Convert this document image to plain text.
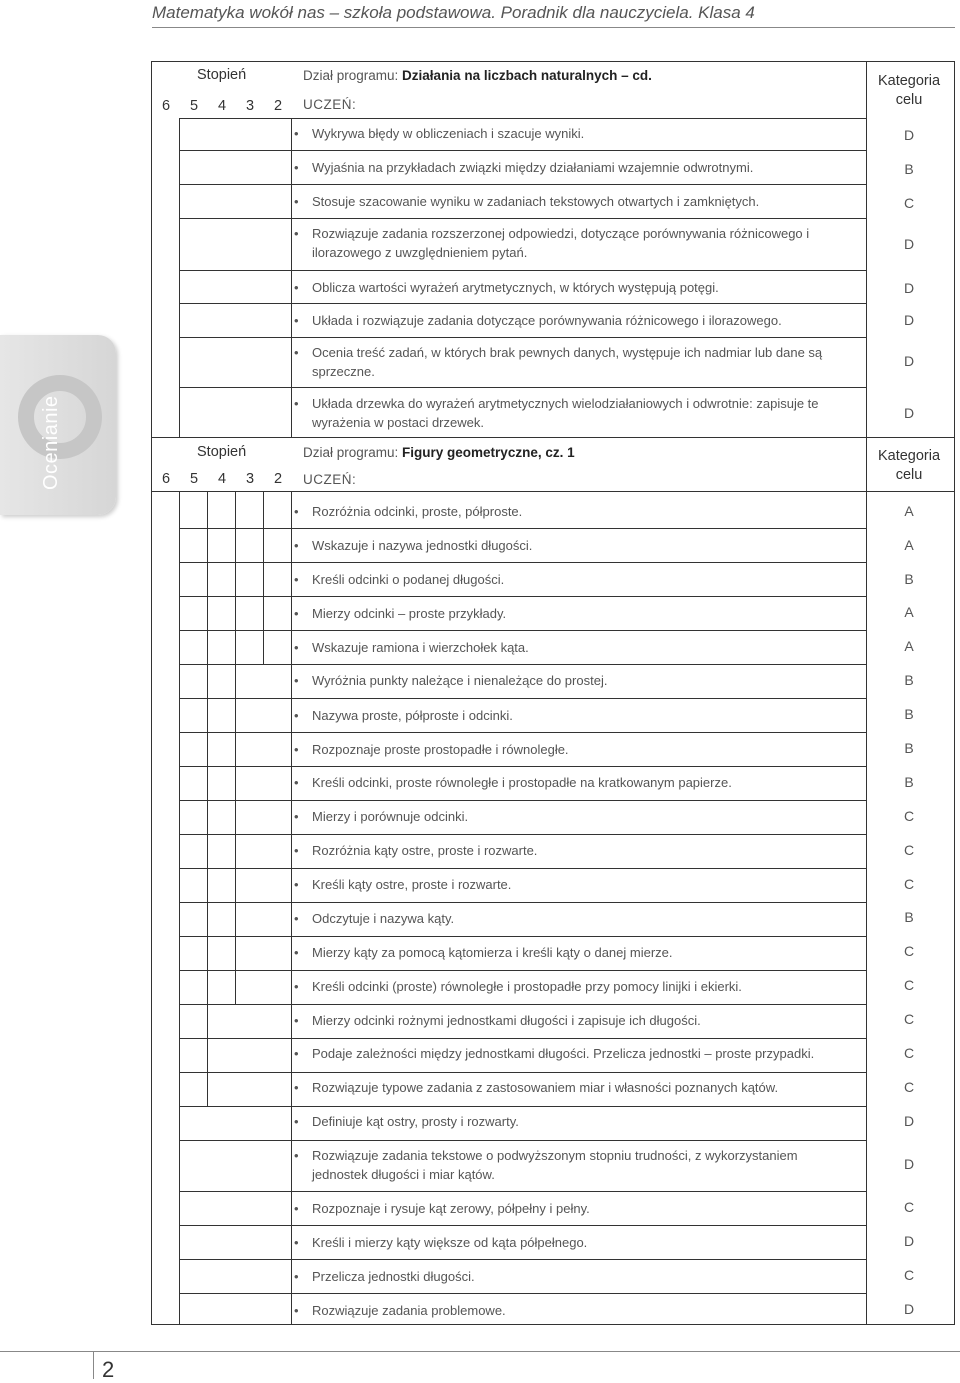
Matematyka wokół nas – szkoła podstawowa. Poradnik dla nauczyciela. Klasa 4
Ocenianie
Stopień
6	5	4	3	2
Dział programu: Działania na liczbach naturalnych – cd.
UCZEŃ:
Kategoria celu
Stopień
6	5	4	3	2
Dział programu: Figury geometryczne, cz. 1
UCZEŃ:
Kategoria celu
•	Wykrywa błędy w obliczeniach i szacuje wyniki.	D
•	Wyjaśnia na przykładach związki między działaniami wzajemnie odwrotnymi.	B
•	Stosuje szacowanie wyniku w zadaniach tekstowych otwartych i zamkniętych.	C
•	Rozwiązuje zadania rozszerzonej odpowiedzi, dotyczące porównywania różnicowego i ilorazowego z uwzględnieniem pytań.
D
•	Oblicza wartości wyrażeń arytmetycznych, w których występują potęgi.	D
•	Układa i rozwiązuje zadania dotyczące porównywania różnicowego i ilorazowego.	D
•	Ocenia treść zadań, w których brak pewnych danych, występuje ich nadmiar lub dane są sprzeczne.
D
•	Układa drzewka do wyrażeń arytmetycznych wielodziałaniowych i odwrotnie: zapisuje te wyrażenia w postaci drzewek.
D
•	Rozróżnia odcinki, proste, półproste.	A
•	Wskazuje i nazywa jednostki długości.	A
•	Kreśli odcinki o podanej długości.	B
•	Mierzy odcinki – proste przykłady.	A
•	Wskazuje ramiona i wierzchołek kąta.	A
•	Wyróżnia punkty należące i nienależące do prostej.	B
•	Nazywa proste, półproste i odcinki.	B
•	Rozpoznaje proste prostopadłe i równoległe.	B
•	Kreśli odcinki, proste równoległe i prostopadłe na kratkowanym papierze.	B
•	Mierzy i porównuje odcinki.	C
•	Rozróżnia kąty ostre, proste i rozwarte.	C
•	Kreśli kąty ostre, proste i rozwarte.	C
•	Odczytuje i nazywa kąty.	B
•	Mierzy kąty za pomocą kątomierza i kreśli kąty o danej mierze.	C
•	Kreśli odcinki (proste) równoległe i prostopadłe przy pomocy linijki i ekierki.	C
•	Mierzy odcinki rożnymi jednostkami długości i zapisuje ich długości.	C
•	Podaje zależności między jednostkami długości. Przelicza jednostki – proste przypadki.	C
•	Rozwiązuje typowe zadania z zastosowaniem miar i własności poznanych kątów.	C
•	Definiuje kąt ostry, prosty i rozwarty.	D
•	Rozwiązuje zadania tekstowe o podwyższonym stopniu trudności, z wykorzystaniem jednostek długości i miar kątów.
D
•	Rozpoznaje i rysuje kąt zerowy, półpełny i pełny.	C
•	Kreśli i mierzy kąty większe od kąta półpełnego.	D
•	Przelicza jednostki długości.	C
•	Rozwiązuje zadania problemowe.	D
2
